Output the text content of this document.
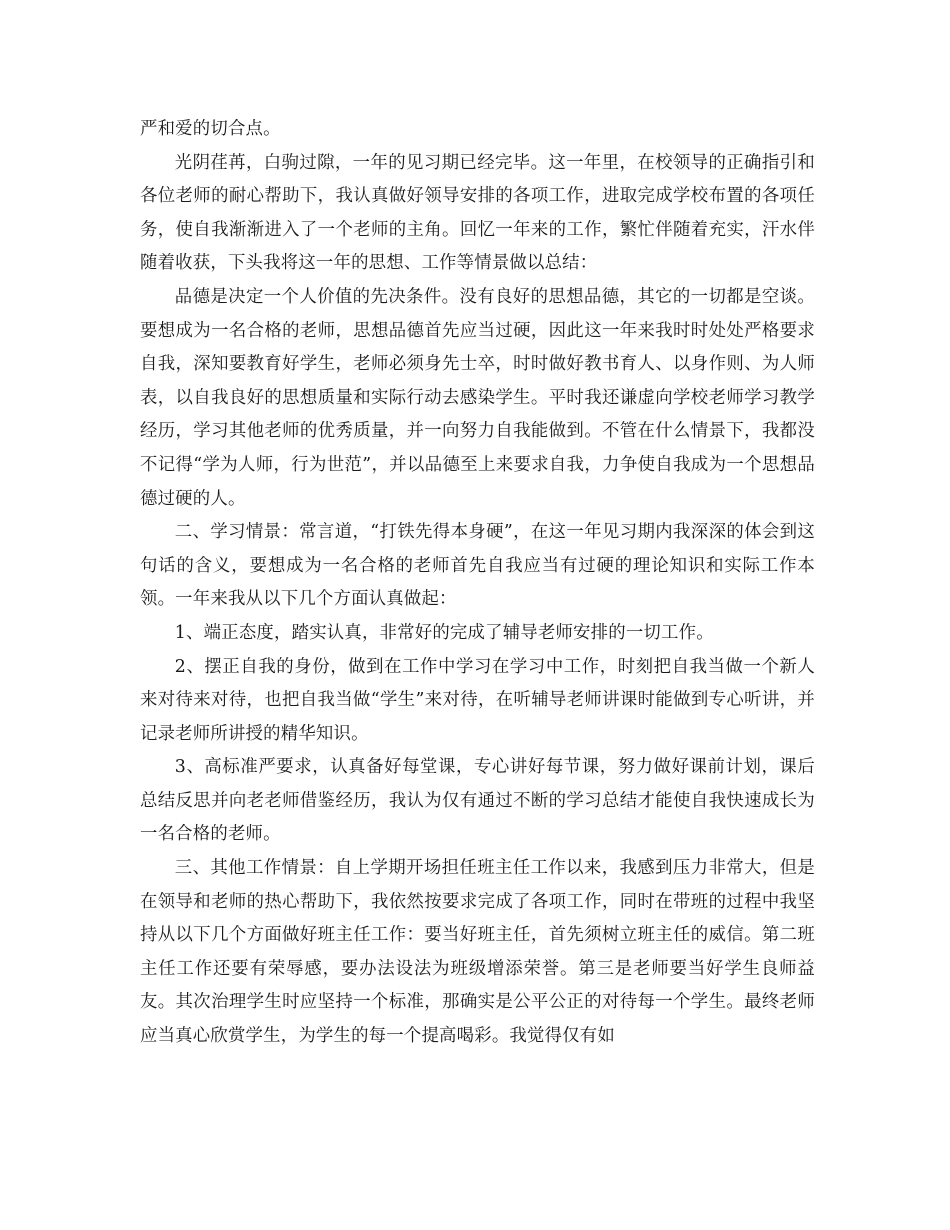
严和爱的切合点。

光阴荏苒，白驹过隙，一年的见习期已经完毕。这一年里，在校领导的正确指引和各位老师的耐心帮助下，我认真做好领导安排的各项工作，进取完成学校布置的各项任务，使自我渐渐进入了一个老师的主角。回忆一年来的工作，繁忙伴随着充实，汗水伴随着收获，下头我将这一年的思想、工作等情景做以总结：

品德是决定一个人价值的先决条件。没有良好的思想品德，其它的一切都是空谈。要想成为一名合格的老师，思想品德首先应当过硬，因此这一年来我时时处处严格要求自我，深知要教育好学生，老师必须身先士卒，时时做好教书育人、以身作则、为人师表，以自我良好的思想质量和实际行动去感染学生。平时我还谦虚向学校老师学习教学经历，学习其他老师的优秀质量，并一向努力自我能做到。不管在什么情景下，我都没不记得“学为人师，行为世范”，并以品德至上来要求自我，力争使自我成为一个思想品德过硬的人。

二、学习情景：常言道，“打铁先得本身硬”，在这一年见习期内我深深的体会到这句话的含义，要想成为一名合格的老师首先自我应当有过硬的理论知识和实际工作本领。一年来我从以下几个方面认真做起：

1、端正态度，踏实认真，非常好的完成了辅导老师安排的一切工作。

2、摆正自我的身份，做到在工作中学习在学习中工作，时刻把自我当做一个新人来对待来对待，也把自我当做“学生”来对待，在听辅导老师讲课时能做到专心听讲，并记录老师所讲授的精华知识。

3、高标准严要求，认真备好每堂课，专心讲好每节课，努力做好课前计划，课后总结反思并向老老师借鉴经历，我认为仅有通过不断的学习总结才能使自我快速成长为一名合格的老师。

三、其他工作情景：自上学期开场担任班主任工作以来，我感到压力非常大，但是在领导和老师的热心帮助下，我依然按要求完成了各项工作，同时在带班的过程中我坚持从以下几个方面做好班主任工作：要当好班主任，首先须树立班主任的威信。第二班主任工作还要有荣辱感，要办法设法为班级增添荣誉。第三是老师要当好学生良师益友。其次治理学生时应坚持一个标准，那确实是公平公正的对待每一个学生。最终老师应当真心欣赏学生，为学生的每一个提高喝彩。我觉得仅有如
